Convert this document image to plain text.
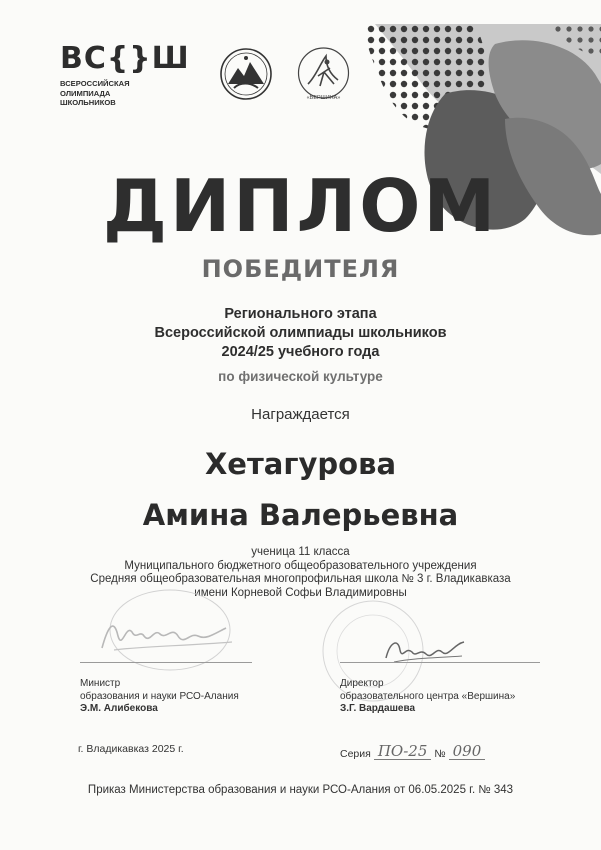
ВС{}Ш
ВСЕРОССИЙСКАЯ
ОЛИМПИАДА
ШКОЛЬНИКОВ	«ВЕРШИНА»
ДИПЛОМ
ПОБЕДИТЕЛЯ
Регионального этапа
Всероссийской олимпиады школьников
2024/25 учебного года
по физической культуре
Награждается
Хетагурова
Амина Валерьевна
ученица 11 класса
Муниципального бюджетного общеобразовательного учреждения
Средняя общеобразовательная многопрофильная школа № 3 г. Владикавказа
имени Корневой Софьи Владимировны
Министр
образования и науки РСО-Алания
Э.М. Алибекова
Директор
образовательного центра «Вершина»
З.Г. Вардашева
г. Владикавказ 2025 г.	Серия ПО-25 № 090
Приказ Министерства образования и науки РСО-Алания от 06.05.2025 г. № 343
